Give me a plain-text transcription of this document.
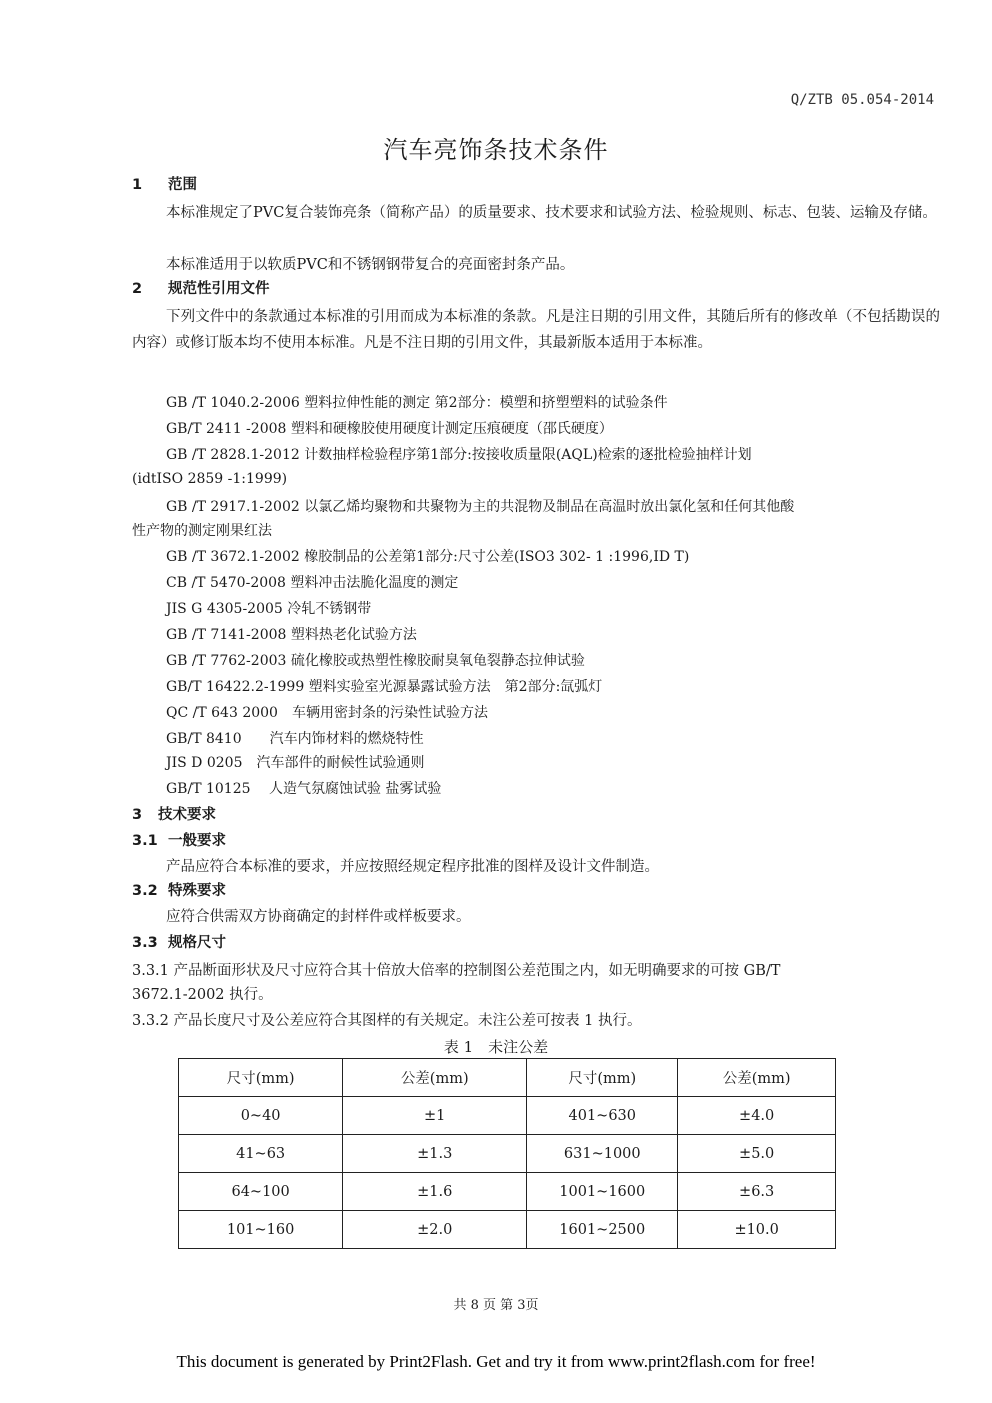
Q/ZTB 05.054-2014
汽车亮饰条技术条件
1 范围
本标准规定了PVC复合装饰亮条（简称产品）的质量要求、技术要求和试验方法、检验规则、标志、包装、运输及存储。
本标准适用于以软质PVC和不锈钢钢带复合的亮面密封条产品。
2 规范性引用文件
下列文件中的条款通过本标准的引用而成为本标准的条款。凡是注日期的引用文件，其随后所有的修改单（不包括勘误的内容）或修订版本均不使用本标准。凡是不注日期的引用文件，其最新版本适用于本标准。
GB /T 1040.2-2006 塑料拉伸性能的测定 第2部分：模塑和挤塑塑料的试验条件
GB/T 2411 -2008 塑料和硬橡胶使用硬度计测定压痕硬度（邵氏硬度）
GB /T 2828.1-2012 计数抽样检验程序第1部分:按接收质量限(AQL)检索的逐批检验抽样计划
(idtISO 2859 -1:1999)
GB /T 2917.1-2002 以氯乙烯均聚物和共聚物为主的共混物及制品在高温时放出氯化氢和任何其他酸
性产物的测定刚果红法
GB /T 3672.1-2002 橡胶制品的公差第1部分:尺寸公差(ISO3 302- 1 :1996,ID T)
CB /T 5470-2008 塑料冲击法脆化温度的测定
JIS G 4305-2005 冷轧不锈钢带
GB /T 7141-2008 塑料热老化试验方法
GB /T 7762-2003 硫化橡胶或热塑性橡胶耐臭氧龟裂静态拉伸试验
GB/T 16422.2-1999 塑料实验室光源暴露试验方法　第2部分:氙弧灯
QC /T 643 2000　车辆用密封条的污染性试验方法
GB/T 8410　　汽车内饰材料的燃烧特性
JIS D 0205　汽车部件的耐候性试验通则
GB/T 10125　 人造气氛腐蚀试验 盐雾试验
3 技术要求
3.1 一般要求
产品应符合本标准的要求，并应按照经规定程序批准的图样及设计文件制造。
3.2 特殊要求
应符合供需双方协商确定的封样件或样板要求。
3.3 规格尺寸
3.3.1 产品断面形状及尺寸应符合其十倍放大倍率的控制图公差范围之内，如无明确要求的可按 GB/T
3672.1-2002 执行。
3.3.2 产品长度尺寸及公差应符合其图样的有关规定。未注公差可按表 1 执行。
表 1　未注公差
尺寸(mm)	公差(mm)	尺寸(mm)	公差(mm)
0~40	±1	401~630	±4.0
41~63	±1.3	631~1000	±5.0
64~100	±1.6	1001~1600	±6.3
101~160	±2.0	1601~2500	±10.0
共 8 页 第 3页
This document is generated by Print2Flash. Get and try it from www.print2flash.com for free!
